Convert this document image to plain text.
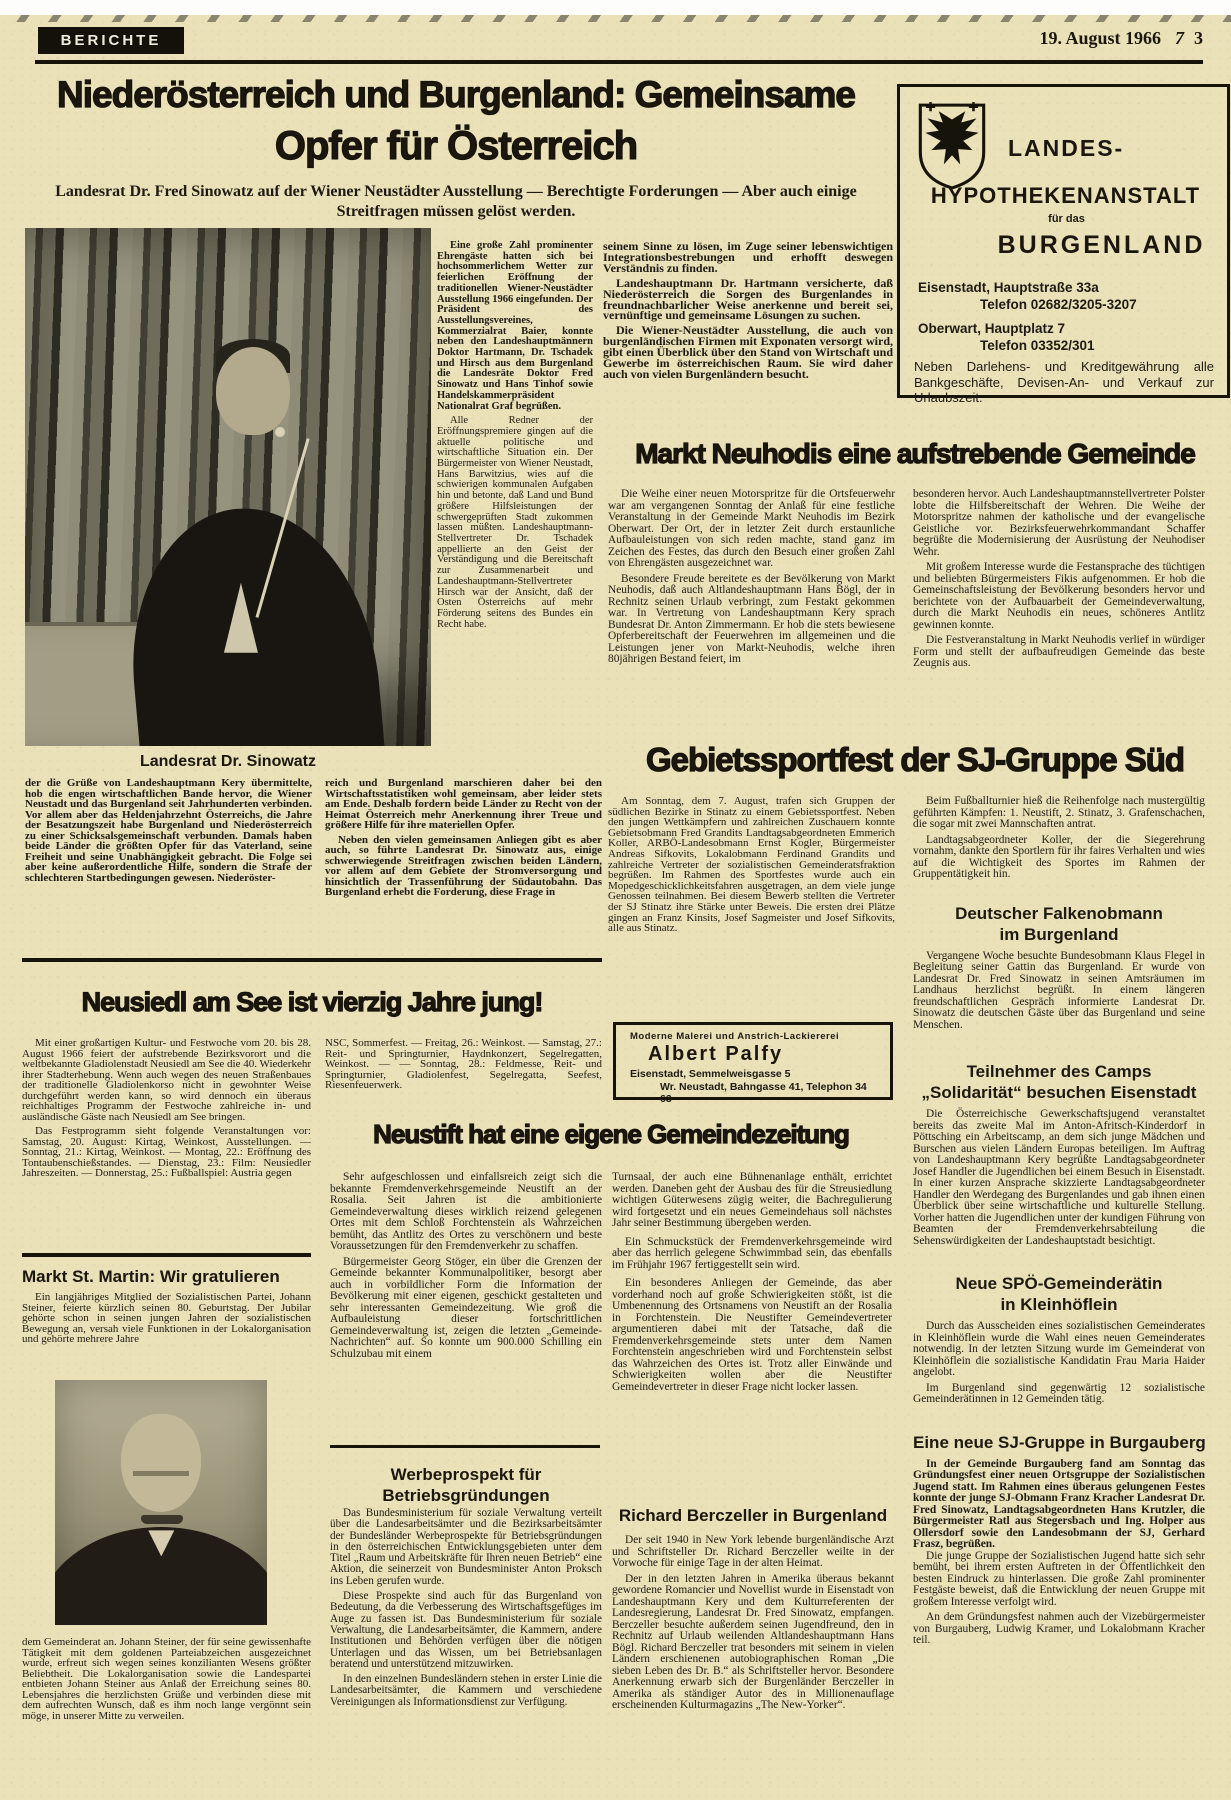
BERICHTE	19. August 1966 7 3
Niederösterreich und Burgenland: Gemeinsame
Opfer für Österreich
Landesrat Dr. Fred Sinowatz auf der Wiener Neustädter Ausstellung — Berechtigte Forderungen — Aber auch einige Streitfragen müssen gelöst werden.
Landesrat Dr. Sinowatz

Eine große Zahl prominenter Ehrengäste hatten sich bei hochsommerlichem Wetter zur feierlichen Eröffnung der traditionellen Wiener-Neustädter Ausstellung 1966 eingefunden. Der Präsident des Ausstellungsvereines, Kommerzialrat Baier, konnte neben den Landeshauptmännern Doktor Hartmann, Dr. Tschadek und Hirsch aus dem Burgenland die Landesräte Doktor Fred Sinowatz und Hans Tinhof sowie Handelskammerpräsident Nationalrat Graf begrüßen.

Alle Redner der Eröffnungspremiere gingen auf die aktuelle politische und wirtschaftliche Situation ein. Der Bürgermeister von Wiener Neustadt, Hans Barwitzius, wies auf die schwierigen kommunalen Aufgaben hin und betonte, daß Land und Bund größere Hilfsleistungen der schwergeprüften Stadt zukommen lassen müßten. Landeshauptmann-Stellvertreter Dr. Tschadek appellierte an den Geist der Verständigung und die Bereitschaft zur Zusammenarbeit und Landeshauptmann-Stellvertreter Hirsch war der Ansicht, daß der Osten Österreichs auf mehr Förderung seitens des Bundes ein Recht habe.

seinem Sinne zu lösen, im Zuge seiner lebenswichtigen Integrationsbestrebungen und erhofft deswegen Verständnis zu finden.

Landeshauptmann Dr. Hartmann versicherte, daß Niederösterreich die Sorgen des Burgenlandes in freundnachbarlicher Weise anerkenne und bereit sei, vernünftige und gemeinsame Lösungen zu suchen.

Die Wiener-Neustädter Ausstellung, die auch von burgenländischen Firmen mit Exponaten versorgt wird, gibt einen Überblick über den Stand von Wirtschaft und Gewerbe im österreichischen Raum. Sie wird daher auch von vielen Burgenländern besucht.

der die Grüße von Landeshauptmann Kery übermittelte, hob die engen wirtschaftlichen Bande hervor, die Wiener Neustadt und das Burgenland seit Jahrhunderten verbinden. Vor allem aber das Heldenjahrzehnt Österreichs, die Jahre der Besatzungszeit habe Burgenland und Niederösterreich zu einer Schicksalsgemeinschaft verbunden. Damals haben beide Länder die größten Opfer für das Vaterland, seine Freiheit und seine Unabhängigkeit gebracht. Die Folge sei aber keine außerordentliche Hilfe, sondern die Strafe der schlechteren Startbedingungen gewesen. Niederöster-

reich und Burgenland marschieren daher bei den Wirtschaftsstatistiken wohl gemeinsam, aber leider stets am Ende. Deshalb fordern beide Länder zu Recht von der Heimat Österreich mehr Anerkennung ihrer Treue und größere Hilfe für ihre materiellen Opfer.

Neben den vielen gemeinsamen Anliegen gibt es aber auch, so führte Landesrat Dr. Sinowatz aus, einige schwerwiegende Streitfragen zwischen beiden Ländern, vor allem auf dem Gebiete der Stromversorgung und hinsichtlich der Trassenführung der Südautobahn. Das Burgenland erhebt die Forderung, diese Frage in

LANDES-
HYPOTHEKENANSTALT
für das
BURGENLAND
Eisenstadt, Hauptstraße 33a
Telefon 02682/3205-3207
Oberwart, Hauptplatz 7
Telefon 03352/301
Neben Darlehens- und Kreditgewährung alle Bankgeschäfte, Devisen-An- und Verkauf zur Urlaubszeit.
Markt Neuhodis eine aufstrebende Gemeinde

Die Weihe einer neuen Motorspritze für die Ortsfeuerwehr war am vergangenen Sonntag der Anlaß für eine festliche Veranstaltung in der Gemeinde Markt Neuhodis im Bezirk Oberwart. Der Ort, der in letzter Zeit durch erstaunliche Aufbauleistungen von sich reden machte, stand ganz im Zeichen des Festes, das durch den Besuch einer großen Zahl von Ehrengästen ausgezeichnet war.

Besondere Freude bereitete es der Bevölkerung von Markt Neuhodis, daß auch Altlandeshauptmann Hans Bögl, der in Rechnitz seinen Urlaub verbringt, zum Festakt gekommen war. In Vertretung von Landeshauptmann Kery sprach Bundesrat Dr. Anton Zimmermann. Er hob die stets bewiesene Opferbereitschaft der Feuerwehren im allgemeinen und die Leistungen jener von Markt-Neuhodis, welche ihren 80jährigen Bestand feiert, im

besonderen hervor. Auch Landeshauptmannstellvertreter Polster lobte die Hilfsbereitschaft der Wehren. Die Weihe der Motorspritze nahmen der katholische und der evangelische Geistliche vor. Bezirksfeuerwehrkommandant Schaffer begrüßte die Modernisierung der Ausrüstung der Neuhodiser Wehr.

Mit großem Interesse wurde die Festansprache des tüchtigen und beliebten Bürgermeisters Fikis aufgenommen. Er hob die Gemeinschaftsleistung der Bevölkerung besonders hervor und berichtete von der Aufbauarbeit der Gemeindeverwaltung, durch die Markt Neuhodis ein neues, schöneres Antlitz gewinnen konnte.

Die Festveranstaltung in Markt Neuhodis verlief in würdiger Form und stellt der aufbaufreudigen Gemeinde das beste Zeugnis aus.

Gebietssportfest der SJ-Gruppe Süd

Am Sonntag, dem 7. August, trafen sich Gruppen der südlichen Bezirke in Stinatz zu einem Gebietssportfest. Neben den jungen Wettkämpfern und zahlreichen Zuschauern konnte Gebietsobmann Fred Grandits Landtagsabgeordneten Emmerich Koller, ARBÖ-Landesobmann Ernst Kogler, Bürgermeister Andreas Sifkovits, Lokalobmann Ferdinand Grandits und zahlreiche Vertreter der sozialistischen Gemeinderatsfraktion begrüßen. Im Rahmen des Sportfestes wurde auch ein Mopedgeschicklichkeitsfahren ausgetragen, an dem viele junge Genossen teilnahmen. Bei diesem Bewerb stellten die Vertreter der SJ Stinatz ihre Stärke unter Beweis. Die ersten drei Plätze gingen an Franz Kinsits, Josef Sagmeister und Josef Sifkovits, alle aus Stinatz.

Beim Fußballturnier hieß die Reihenfolge nach mustergültig geführten Kämpfen: 1. Neustift, 2. Stinatz, 3. Grafenschachen, die sogar mit zwei Mannschaften antrat.

Landtagsabgeordneter Koller, der die Siegerehrung vornahm, dankte den Sportlern für ihr faires Verhalten und wies auf die Wichtigkeit des Sportes im Rahmen der Gruppentätigkeit hin.

Deutscher Falkenobmann
im Burgenland

Vergangene Woche besuchte Bundesobmann Klaus Flegel in Begleitung seiner Gattin das Burgenland. Er wurde von Landesrat Dr. Fred Sinowatz in seinen Amtsräumen im Landhaus herzlichst begrüßt. In einem längeren freundschaftlichen Gespräch informierte Landesrat Dr. Sinowatz die deutschen Gäste über das Burgenland und seine Menschen.

Teilnehmer des Camps
„Solidarität“ besuchen Eisenstadt

Die Österreichische Gewerkschaftsjugend veranstaltet bereits das zweite Mal im Anton-Afritsch-Kinderdorf in Pöttsching ein Arbeitscamp, an dem sich junge Mädchen und Burschen aus vielen Ländern Europas beteiligen. Im Auftrag von Landeshauptmann Kery begrüßte Landtagsabgeordneter Josef Handler die Jugendlichen bei einem Besuch in Eisenstadt. In einer kurzen Ansprache skizzierte Landtagsabgeordneter Handler den Werdegang des Burgenlandes und gab ihnen einen Überblick über seine wirtschaftliche und kulturelle Stellung. Vorher hatten die Jugendlichen unter der kundigen Führung von Beamten der Fremdenverkehrsabteilung die Sehenswürdigkeiten der Landeshauptstadt besichtigt.

Neue SPÖ-Gemeinderätin
in Kleinhöflein

Durch das Ausscheiden eines sozialistischen Gemeinderates in Kleinhöflein wurde die Wahl eines neuen Gemeinderates notwendig. In der letzten Sitzung wurde im Gemeinderat von Kleinhöflein die sozialistische Kandidatin Frau Maria Haider angelobt.

Im Burgenland sind gegenwärtig 12 sozialistische Gemeinderätinnen in 12 Gemeinden tätig.

Eine neue SJ-Gruppe in Burgauberg

In der Gemeinde Burgauberg fand am Sonntag das Gründungsfest einer neuen Ortsgruppe der Sozialistischen Jugend statt. Im Rahmen eines überaus gelungenen Festes konnte der junge SJ-Obmann Franz Kracher Landesrat Dr. Fred Sinowatz, Landtagsabgeordneten Hans Krutzler, die Bürgermeister Ratl aus Stegersbach und Ing. Holper aus Ollersdorf sowie den Landesobmann der SJ, Gerhard Frasz, begrüßen.

Die junge Gruppe der Sozialistischen Jugend hatte sich sehr bemüht, bei ihrem ersten Auftreten in der Öffentlichkeit den besten Eindruck zu hinterlassen. Die große Zahl prominenter Festgäste beweist, daß die Entwicklung der neuen Gruppe mit großem Interesse verfolgt wird.

An dem Gründungsfest nahmen auch der Vizebürgermeister von Burgauberg, Ludwig Kramer, und Lokalobmann Kracher teil.

Moderne Malerei und Anstrich-Lackiererei
Albert Palfy
Eisenstadt, Semmelweisgasse 5
Wr. Neustadt, Bahngasse 41, Telephon 34 63
Neusiedl am See ist vierzig Jahre jung!

Mit einer großartigen Kultur- und Festwoche vom 20. bis 28. August 1966 feiert der aufstrebende Bezirksvorort und die weltbekannte Gladiolenstadt Neusiedl am See die 40. Wiederkehr ihrer Stadterhebung. Wenn auch wegen des neuen Straßenbaues der traditionelle Gladiolenkorso nicht in gewohnter Weise durchgeführt werden kann, so wird dennoch ein überaus reichhaltiges Programm der Festwoche zahlreiche in- und ausländische Gäste nach Neusiedl am See bringen.

Das Festprogramm sieht folgende Veranstaltungen vor: Samstag, 20. August: Kirtag, Weinkost, Ausstellungen. — Sonntag, 21.: Kirtag, Weinkost. — Montag, 22.: Eröffnung des Tontaubenschießstandes. — Dienstag, 23.: Film: Neusiedler Jahreszeiten. — Donnerstag, 25.: Fußballspiel: Austria gegen

NSC, Sommerfest. — Freitag, 26.: Weinkost. — Samstag, 27.: Reit- und Springturnier, Haydnkonzert, Segelregatten, Weinkost. — — Sonntag, 28.: Feldmesse, Reit- und Springturnier, Gladiolenfest, Segelregatta, Seefest, Riesenfeuerwerk.

Markt St. Martin: Wir gratulieren

Ein langjähriges Mitglied der Sozialistischen Partei, Johann Steiner, feierte kürzlich seinen 80. Geburtstag. Der Jubilar gehörte schon in seinen jungen Jahren der sozialistischen Bewegung an, versah viele Funktionen in der Lokalorganisation und gehörte mehrere Jahre

dem Gemeinderat an. Johann Steiner, der für seine gewissenhafte Tätigkeit mit dem goldenen Parteiabzeichen ausgezeichnet wurde, erfreut sich wegen seines konzilianten Wesens größter Beliebtheit. Die Lokalorganisation sowie die Landespartei entbieten Johann Steiner aus Anlaß der Erreichung seines 80. Lebensjahres die herzlichsten Grüße und verbinden diese mit dem aufrechten Wunsch, daß es ihm noch lange vergönnt sein möge, in unserer Mitte zu verweilen.

Neustift hat eine eigene Gemeindezeitung

Sehr aufgeschlossen und einfallsreich zeigt sich die bekannte Fremdenverkehrsgemeinde Neustift an der Rosalia. Seit Jahren ist die ambitionierte Gemeindeverwaltung dieses wirklich reizend gelegenen Ortes mit dem Schloß Forchtenstein als Wahrzeichen bemüht, das Antlitz des Ortes zu verschönern und beste Voraussetzungen für den Fremdenverkehr zu schaffen.

Bürgermeister Georg Stöger, ein über die Grenzen der Gemeinde bekannter Kommunalpolitiker, besorgt aber auch in vorbildlicher Form die Information der Bevölkerung mit einer eigenen, geschickt gestalteten und sehr interessanten Gemeindezeitung. Wie groß die Aufbauleistung dieser fortschrittlichen Gemeindeverwaltung ist, zeigen die letzten „Gemeinde-Nachrichten“ auf. So konnte um 900.000 Schilling ein Schulzubau mit einem

Turnsaal, der auch eine Bühnenanlage enthält, errichtet werden. Daneben geht der Ausbau des für die Streusiedlung wichtigen Güterwesens zügig weiter, die Bachregulierung wird fortgesetzt und ein neues Gemeindehaus soll nächstes Jahr seiner Bestimmung übergeben werden.

Ein Schmuckstück der Fremdenverkehrsgemeinde wird aber das herrlich gelegene Schwimmbad sein, das ebenfalls im Frühjahr 1967 fertiggestellt sein wird.

Ein besonderes Anliegen der Gemeinde, das aber vorderhand noch auf große Schwierigkeiten stößt, ist die Umbenennung des Ortsnamens von Neustift an der Rosalia in Forchtenstein. Die Neustifter Gemeindevertreter argumentieren dabei mit der Tatsache, daß die Fremdenverkehrsgemeinde stets unter dem Namen Forchtenstein angeschrieben wird und Forchtenstein selbst das Wahrzeichen des Ortes ist. Trotz aller Einwände und Schwierigkeiten wollen aber die Neustifter Gemeindevertreter in dieser Frage nicht locker lassen.

Werbeprospekt für
Betriebsgründungen

Das Bundesministerium für soziale Verwaltung verteilt über die Landesarbeitsämter und die Bezirksarbeitsämter der Bundesländer Werbeprospekte für Betriebsgründungen in den österreichischen Entwicklungsgebieten unter dem Titel „Raum und Arbeitskräfte für Ihren neuen Betrieb“ eine Aktion, die seinerzeit von Bundesminister Anton Proksch ins Leben gerufen wurde.

Diese Prospekte sind auch für das Burgenland von Bedeutung, da die Verbesserung des Wirtschaftsgefüges im Auge zu fassen ist. Das Bundesministerium für soziale Verwaltung, die Landesarbeitsämter, die Kammern, andere Institutionen und Behörden verfügen über die nötigen Unterlagen und das Wissen, um bei Betriebsanlagen beratend und unterstützend mitzuwirken.

In den einzelnen Bundesländern stehen in erster Linie die Landesarbeitsämter, die Kammern und verschiedene Vereinigungen als Informationsdienst zur Verfügung.

Richard Berczeller in Burgenland

Der seit 1940 in New York lebende burgenländische Arzt und Schriftsteller Dr. Richard Berczeller weilte in der Vorwoche für einige Tage in der alten Heimat.

Der in den letzten Jahren in Amerika überaus bekannt gewordene Romancier und Novellist wurde in Eisenstadt von Landeshauptmann Kery und dem Kulturreferenten der Landesregierung, Landesrat Dr. Fred Sinowatz, empfangen. Berczeller besuchte außerdem seinen Jugendfreund, den in Rechnitz auf Urlaub weilenden Altlandeshauptmann Hans Bögl. Richard Berczeller trat besonders mit seinem in vielen Ländern erschienenen autobiographischen Roman „Die sieben Leben des Dr. B.“ als Schriftsteller hervor. Besondere Anerkennung erwarb sich der Burgenländer Berczeller in Amerika als ständiger Autor des in Millionenauflage erscheinenden Kulturmagazins „The New-Yorker“.
